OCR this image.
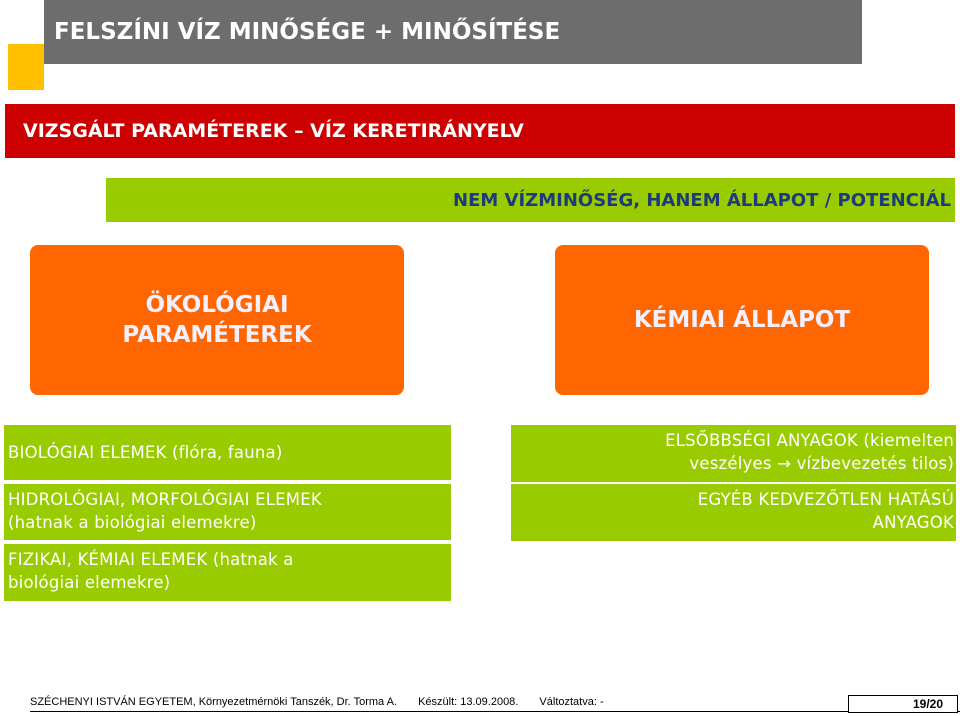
FELSZÍNI VÍZ MINŐSÉGE + MINŐSÍTÉSE
VIZSGÁLT PARAMÉTEREK – VÍZ KERETIRÁNYELV
NEM VÍZMINŐSÉG, HANEM ÁLLAPOT / POTENCIÁL
ÖKOLÓGIAI
PARAMÉTEREK
KÉMIAI ÁLLAPOT
BIOLÓGIAI ELEMEK (flóra, fauna)
HIDROLÓGIAI, MORFOLÓGIAI ELEMEK
(hatnak a biológiai elemekre)
FIZIKAI, KÉMIAI ELEMEK (hatnak a
biológiai elemekre)
ELSŐBBSÉGI ANYAGOK (kiemelten
veszélyes → vízbevezetés tilos)
EGYÉB KEDVEZŐTLEN HATÁSÚ
ANYAGOK
SZÉCHENYI ISTVÁN EGYETEM, Környezetmérnöki Tanszék, Dr. Torma A. Készült: 13.09.2008. Változtatva: -	19/20
